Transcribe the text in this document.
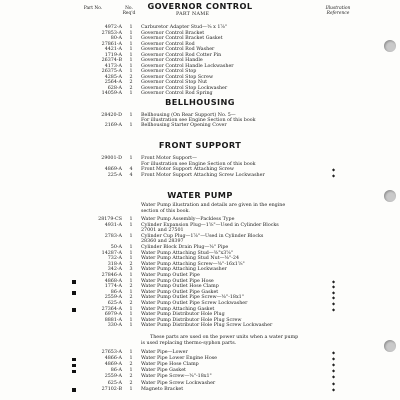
Part No.	No. Req'd	PART NAME
Illustration Reference
GOVERNOR CONTROL
4972-A	1	Carburetor Adapter Stud—⅜ x 1⅞"
27853-A	1	Governor Control Bracket
80-A	1	Governor Control Bracket Gasket
27861-A	1	Governor Control Rod
4421-A	1	Governor Control Rod Washer
1719-A	1	Governor Control Rod Cotter Pin
26374-B	1	Governor Control Handle
4173-A	1	Governor Control Handle Lockwasher
26375-A	1	Governor Control Stop
4285-A	2	Governor Control Stop Screw
2564-A	2	Governor Control Stop Nut
628-A	2	Governor Control Stop Lockwasher
14059-A	1	Governor Control Rod Spring
BELLHOUSING
28420-D	1	Bellhousing (On Rear Support) No. 5—
For illustration see Engine Section of this book
2169-A	1	Bellhousing Starter Opening Cover
FRONT SUPPORT
29001-D	1	Front Motor Support—
For illustration see Engine Section of this book
4869-A	4	Front Motor Support Attaching Screw	◆
225-A	4	Front Motor Support Attaching Screw Lockwasher	◆
WATER PUMP
Water Pump illustration and details are given in the engine
section of this book.
28179-CS	1	Water Pump Assembly—Packless Type
4931-A	1	Cylinder Expansion Plug—1⅝"—Used in Cylinder Blocks
27001 and 27501
2783-A	1	Cylinder Cup Plug—1⅞"—Used in Cylinder Blocks
28360 and 28397
50-A	1	Cylinder Block Drain Plug—⅜" Pipe
14287-A	1	Water Pump Attaching Stud—⅜"x3⅝"
732-A	1	Water Pump Attaching Stud Nut—⅜"-24
318-A	2	Water Pump Attaching Screw—⅜"-16x1⅝"
342-A	3	Water Pump Attaching Lockwasher
27846-A	1	Water Pump Outlet Pipe
4868-A	1	Water Pump Outlet Pipe Hose	◆
1774-A	2	Water Pump Outlet Hose Clamp	◆
86-A	1	Water Pump Outlet Pipe Gasket	◆
2559-A	2	Water Pump Outlet Pipe Screw—⅜"-18x1"	◆
625-A	2	Water Pump Outlet Pipe Screw Lockwasher	◆
27364-A	1	Water Pump Attaching Gasket	◆
6979-A	1	Water Pump Distributor Hole Plug
8881-A	1	Water Pump Distributor Hole Plug Screw
330-A	1	Water Pump Distributor Hole Plug Screw Lockwasher
These parts are used on the power units when a water pump
is used replacing thermo-syphon parts.
27653-A	1	Water Pipe—Lower	◆
4866-A	1	Water Pipe Lower Engine Hose	◆
4869-A	2	Water Pipe Hose Clamp	◆
86-A	1	Water Pipe Gasket	◆
2559-A	2	Water Pipe Screw—⅜"-18x1"	◆
625-A	2	Water Pipe Screw Lockwasher	◆
27102-B	1	Magneto Bracket	◆
